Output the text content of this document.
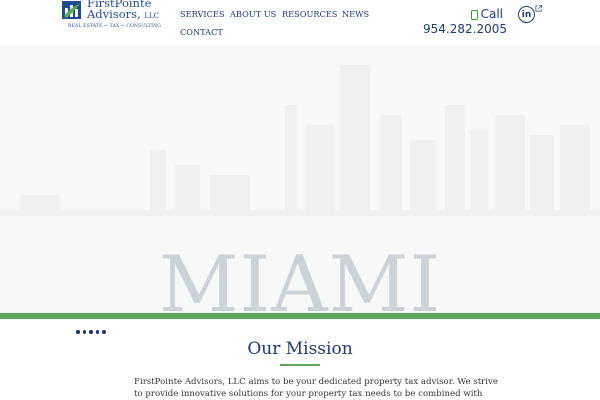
FirstPointe
Advisors, LLC
REAL ESTATE ~ TAX ~ CONSULTING
SERVICES ABOUT US RESOURCES NEWS
CONTACT
Call
954.282.2005
in
MIAMI
Our Mission

FirstPointe Advisors, LLC aims to be your dedicated property tax advisor. We strive

to provide innovative solutions for your property tax needs to be combined with
